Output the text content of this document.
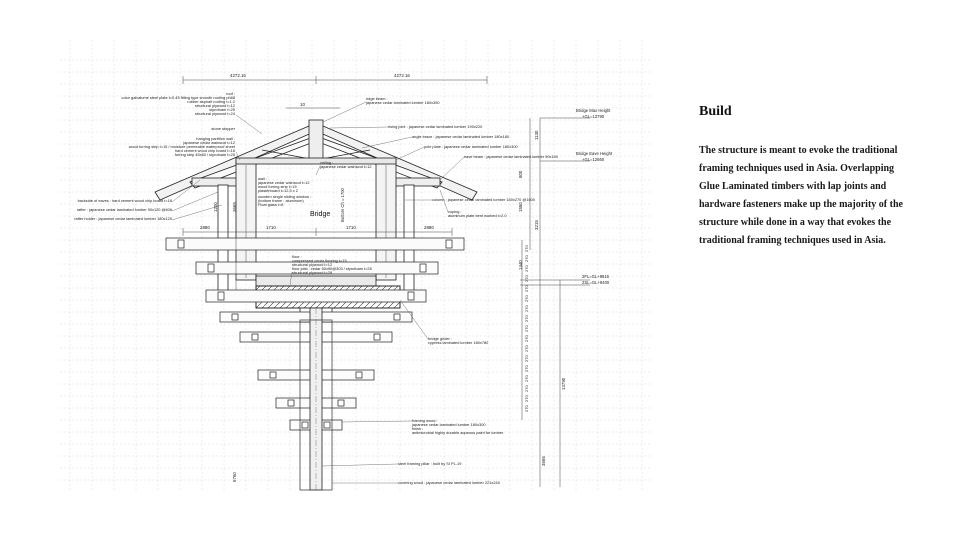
4272.16	4272.16
10
2880	1710	1710	2880
1130
800
1550
1440
3215
13790
1200	3665
6760
3665
270
270
270
270
270
270
270
270
270
270
270
270
270
270
270
270
270
Bridge Max Height
+GL=13790
Bridge Eave Height
+GL=12660
2FL=GL+9615
2SL=GL+9400
Bridge Bottom Ch = 1700
roof :
color galvalume steel plate t=0.45 fitting type smooth roofing ph68
rubber asphalt roofing t=1.2
structural plywood t=12
styrofoam t=25
structural plywood t=24
stone stopper
hanging partition wall :
japanese cedar wainscot t=12
wood furring strip t=15 / moisture permeable waterproof sheet
hard cement wood chip board t=18
furring strip 45x60 / styrofoam t=25
backside of eaves : hard cement wood chip board t=18
rafter : japanese cedar laminated lumber 90x120 @606
rafter holder : japanese cedar laminated lumber 180x120
ridge beam :
japanese cedar laminated lumber 180x350
ceiling :
japanese cedar wainscot t=12
wall :
japanese cedar wainscot t=12
wood furring strip t=15
plasterboard t=12.5 x 2
wooden single sliding window :
(bottom frame : aluminum)
Float glass t=8
floor :
compressed cedar flooring t=15
structural plywood t=12
floor joist : cedar 50x90@303 / styrofoam t=25
structural plywood t=28
rising joint : japanese cedar laminated lumber 190x220
angle brace : japanese cedar laminated lumber 180x180
pole plate : japanese cedar laminated lumber 180x300
eave beam : japanese cedar laminated lumber 90x150
column : japanese cedar laminated lumber 180x270 @1600
coping :
aluminum plate bent worked t=2.0
bridge girder :
cypress laminated lumber 180x780
framing wood :
japanese cedar laminated lumber 180x300
finish :
antimicrobial highly durable aqueous paint for lumber
steel framing pillar : built by SI PL-19
covering wood : japanese cedar laminated lumber 221x240
Build

The structure is meant to evoke the traditional framing techniques used in Asia. Overlapping Glue Laminated timbers with lap joints and hardware fasteners make up the majority of the structure while done in a way that evokes the traditional framing techniques used in Asia.
